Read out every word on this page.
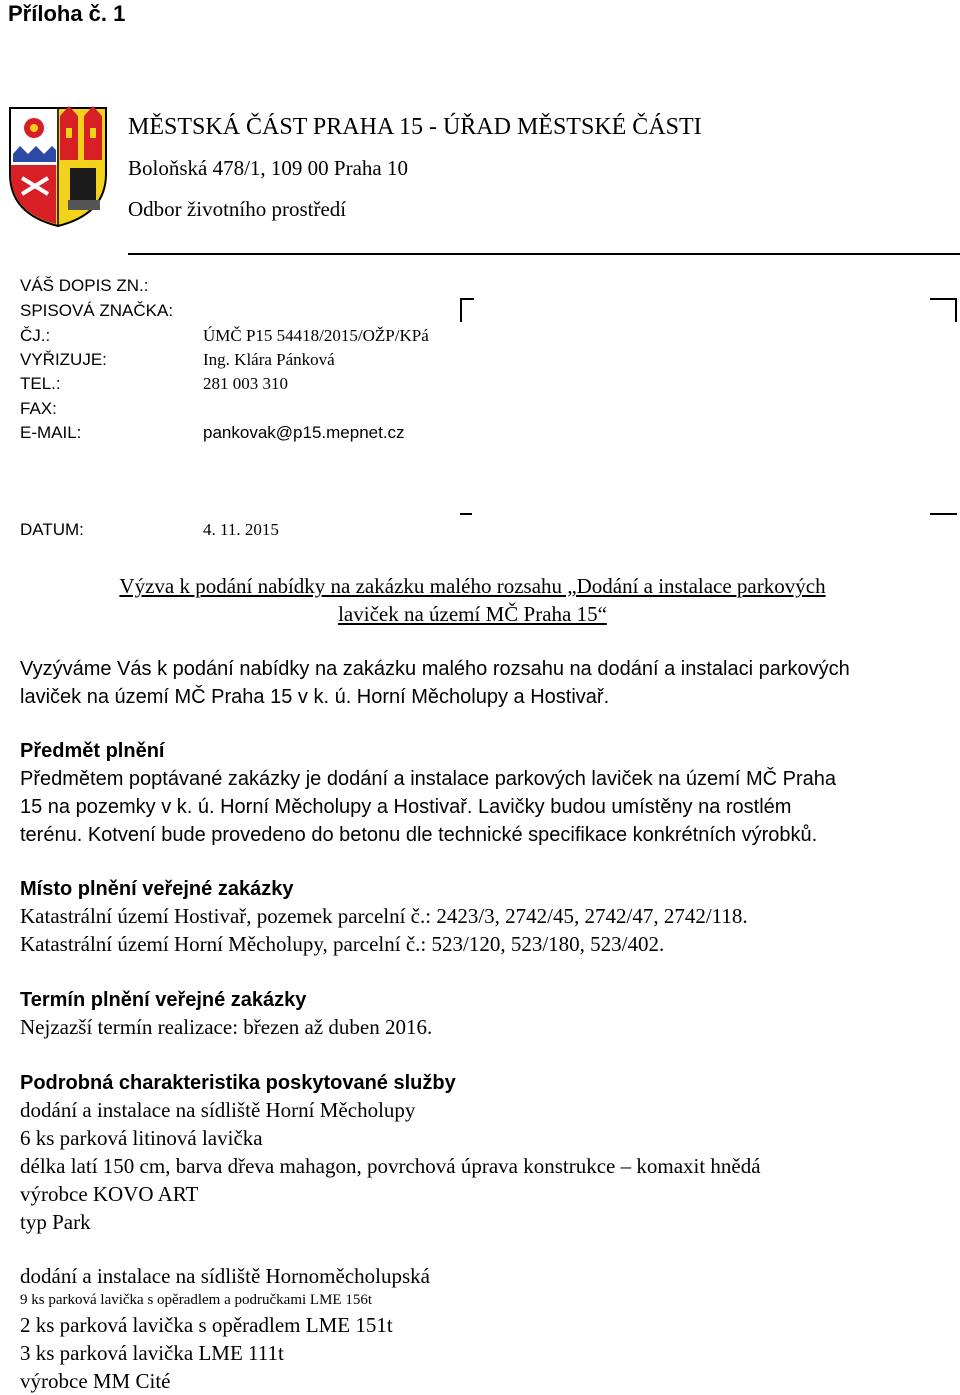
Příloha č. 1
MĚSTSKÁ ČÁST PRAHA 15 - ÚŘAD MĚSTSKÉ ČÁSTI
Boloňská 478/1, 109 00 Praha 10
Odbor životního prostředí
VÁŠ DOPIS ZN.:
SPISOVÁ ZNAČKA:
ČJ.:	ÚMČ P15 54418/2015/OŽP/KPá
VYŘIZUJE:	Ing. Klára Pánková
TEL.:	281 003 310
FAX:
E-MAIL:	pankovak@p15.mepnet.cz
DATUM:	4. 11. 2015
Výzva k podání nabídky na zakázku malého rozsahu „Dodání a instalace parkových
laviček na území MČ Praha 15“
Vyzýváme Vás k podání nabídky na zakázku malého rozsahu na dodání a instalaci parkových
laviček na území MČ Praha 15 v k. ú. Horní Měcholupy a Hostivař.
Předmět plnění
Předmětem poptávané zakázky je dodání a instalace parkových laviček na území MČ Praha
15 na pozemky v k. ú. Horní Měcholupy a Hostivař. Lavičky budou umístěny na rostlém
terénu. Kotvení bude provedeno do betonu dle technické specifikace konkrétních výrobků.
Místo plnění veřejné zakázky
Katastrální území Hostivař, pozemek parcelní č.: 2423/3, 2742/45, 2742/47, 2742/118.
Katastrální území Horní Měcholupy, parcelní č.: 523/120, 523/180, 523/402.
Termín plnění veřejné zakázky
Nejzazší termín realizace: březen až duben 2016.
Podrobná charakteristika poskytované služby
dodání a instalace na sídliště Horní Měcholupy
6 ks parková litinová lavička
délka latí 150 cm, barva dřeva mahagon, povrchová úprava konstrukce – komaxit hnědá
výrobce KOVO ART
typ Park
dodání a instalace na sídliště Hornoměcholupská
9 ks parková lavička s opěradlem a područkami LME 156t
2 ks parková lavička s opěradlem LME 151t
3 ks parková lavička LME 111t
výrobce MM Cité
